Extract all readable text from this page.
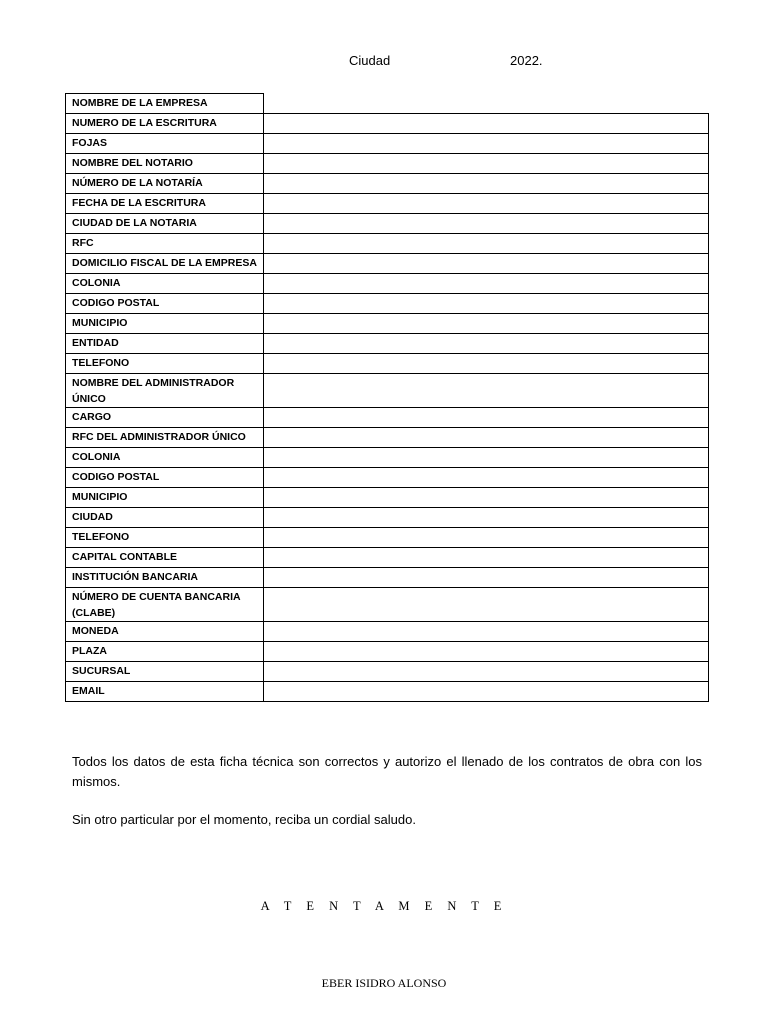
Ciudad	2022.
NOMBRE DE LA EMPRESA	
NUMERO DE LA ESCRITURA	
FOJAS	
NOMBRE DEL NOTARIO	
NÚMERO DE LA NOTARÍA	
FECHA DE LA ESCRITURA	
CIUDAD DE LA NOTARIA	
RFC	
DOMICILIO FISCAL DE LA EMPRESA	
COLONIA	
CODIGO POSTAL	
MUNICIPIO	
ENTIDAD	
TELEFONO	
NOMBRE DEL ADMINISTRADOR ÚNICO	
CARGO	
RFC DEL ADMINISTRADOR ÚNICO	
COLONIA	
CODIGO POSTAL	
MUNICIPIO	
CIUDAD	
TELEFONO	
CAPITAL CONTABLE	
INSTITUCIÓN BANCARIA	
NÚMERO DE CUENTA BANCARIA (CLABE)	
MONEDA	
PLAZA	
SUCURSAL	
EMAIL	

Todos los datos de esta ficha técnica son correctos y autorizo el llenado de los contratos de obra con los mismos.

Sin otro particular por el momento, reciba un cordial saludo.

A T E N T A M E N T E
EBER ISIDRO ALONSO
